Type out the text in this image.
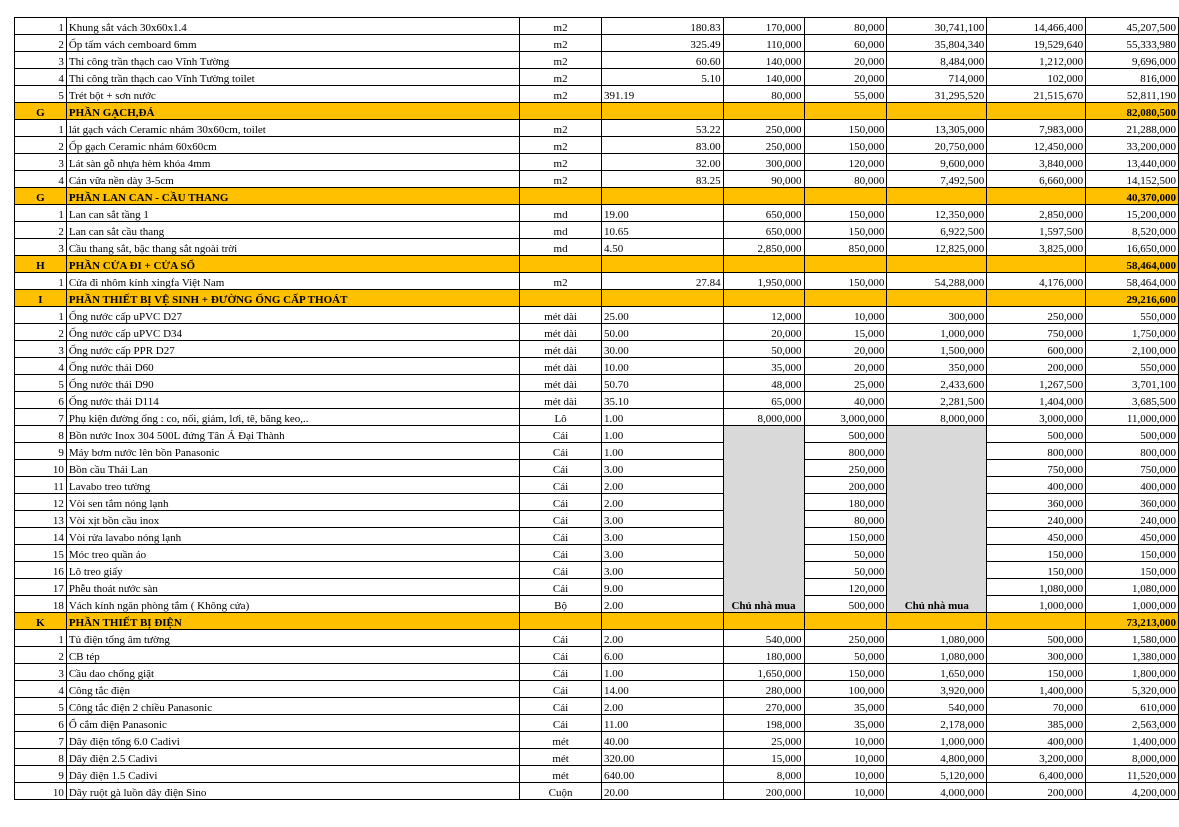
1	Khung sắt vách 30x60x1.4	m2	180.83	170,000	80,000	30,741,100	14,466,400	45,207,500
2	Ốp tấm vách cemboard 6mm	m2	325.49	110,000	60,000	35,804,340	19,529,640	55,333,980
3	Thi công trần thạch cao Vĩnh Tường	m2	60.60	140,000	20,000	8,484,000	1,212,000	9,696,000
4	Thi công trần thạch cao Vĩnh Tường toilet	m2	5.10	140,000	20,000	714,000	102,000	816,000
5	Trét bột + sơn nước	m2	391.19	80,000	55,000	31,295,520	21,515,670	52,811,190
G	PHẦN GẠCH,ĐÁ							82,080,500
1	lát gạch vách Ceramic nhám 30x60cm, toilet	m2	53.22	250,000	150,000	13,305,000	7,983,000	21,288,000
2	Ốp gạch Ceramic nhám 60x60cm	m2	83.00	250,000	150,000	20,750,000	12,450,000	33,200,000
3	Lát sàn gỗ nhựa hèm khóa 4mm	m2	32.00	300,000	120,000	9,600,000	3,840,000	13,440,000
4	Cán vữa nền dày 3-5cm	m2	83.25	90,000	80,000	7,492,500	6,660,000	14,152,500
G	PHẦN LAN CAN - CẦU THANG							40,370,000
1	Lan can sắt tầng 1	md	19.00	650,000	150,000	12,350,000	2,850,000	15,200,000
2	Lan can sắt cầu thang	md	10.65	650,000	150,000	6,922,500	1,597,500	8,520,000
3	Cầu thang sắt, bậc thang sắt ngoài trời	md	4.50	2,850,000	850,000	12,825,000	3,825,000	16,650,000
H	PHẦN CỬA ĐI + CỬA SỔ							58,464,000
1	Cửa đi nhôm kính xingfa Việt Nam	m2	27.84	1,950,000	150,000	54,288,000	4,176,000	58,464,000
I	PHẦN THIẾT BỊ VỆ SINH + ĐƯỜNG ỐNG CẤP THOÁT							29,216,600
1	Ống nước cấp uPVC D27	mét dài	25.00	12,000	10,000	300,000	250,000	550,000
2	Ống nước cấp uPVC D34	mét dài	50.00	20,000	15,000	1,000,000	750,000	1,750,000
3	Ống nước cấp PPR D27	mét dài	30.00	50,000	20,000	1,500,000	600,000	2,100,000
4	Ống nước thải D60	mét dài	10.00	35,000	20,000	350,000	200,000	550,000
5	Ống nước thải D90	mét dài	50.70	48,000	25,000	2,433,600	1,267,500	3,701,100
6	Ống nước thải D114	mét dài	35.10	65,000	40,000	2,281,500	1,404,000	3,685,500
7	Phụ kiện đường ống : co, nối, giảm, lơi, tê, băng keo,..	Lô	1.00	8,000,000	3,000,000	8,000,000	3,000,000	11,000,000
8	Bồn nước Inox 304 500L đứng Tân Á Đại Thành	Cái	1.00	Chủ nhà mua	500,000	Chủ nhà mua	500,000	500,000
9	Máy bơm nước lên bồn Panasonic	Cái	1.00		800,000		800,000	800,000
10	Bồn cầu Thái Lan	Cái	3.00		250,000		750,000	750,000
11	Lavabo treo tường	Cái	2.00		200,000		400,000	400,000
12	Vòi sen tắm nóng lạnh	Cái	2.00		180,000		360,000	360,000
13	Vòi xịt bồn cầu inox	Cái	3.00		80,000		240,000	240,000
14	Vòi rửa lavabo nóng lạnh	Cái	3.00		150,000		450,000	450,000
15	Móc treo quần áo	Cái	3.00		50,000		150,000	150,000
16	Lô treo giấy	Cái	3.00		50,000		150,000	150,000
17	Phễu thoát nước sàn	Cái	9.00		120,000		1,080,000	1,080,000
18	Vách kính ngăn phòng tắm ( Không cửa)	Bộ	2.00		500,000		1,000,000	1,000,000
K	PHẦN THIẾT BỊ ĐIỆN							73,213,000
1	Tủ điện tổng âm tường	Cái	2.00	540,000	250,000	1,080,000	500,000	1,580,000
2	CB tép	Cái	6.00	180,000	50,000	1,080,000	300,000	1,380,000
3	Cầu dao chống giật	Cái	1.00	1,650,000	150,000	1,650,000	150,000	1,800,000
4	Công tắc điện	Cái	14.00	280,000	100,000	3,920,000	1,400,000	5,320,000
5	Công tắc điện 2 chiều Panasonic	Cái	2.00	270,000	35,000	540,000	70,000	610,000
6	Ổ cắm điện Panasonic	Cái	11.00	198,000	35,000	2,178,000	385,000	2,563,000
7	Dây điện tổng 6.0 Cadivi	mét	40.00	25,000	10,000	1,000,000	400,000	1,400,000
8	Dây điện 2.5 Cadivi	mét	320.00	15,000	10,000	4,800,000	3,200,000	8,000,000
9	Dây điện 1.5 Cadivi	mét	640.00	8,000	10,000	5,120,000	6,400,000	11,520,000
10	Dây ruột gà luồn dây điện Sino	Cuộn	20.00	200,000	10,000	4,000,000	200,000	4,200,000
